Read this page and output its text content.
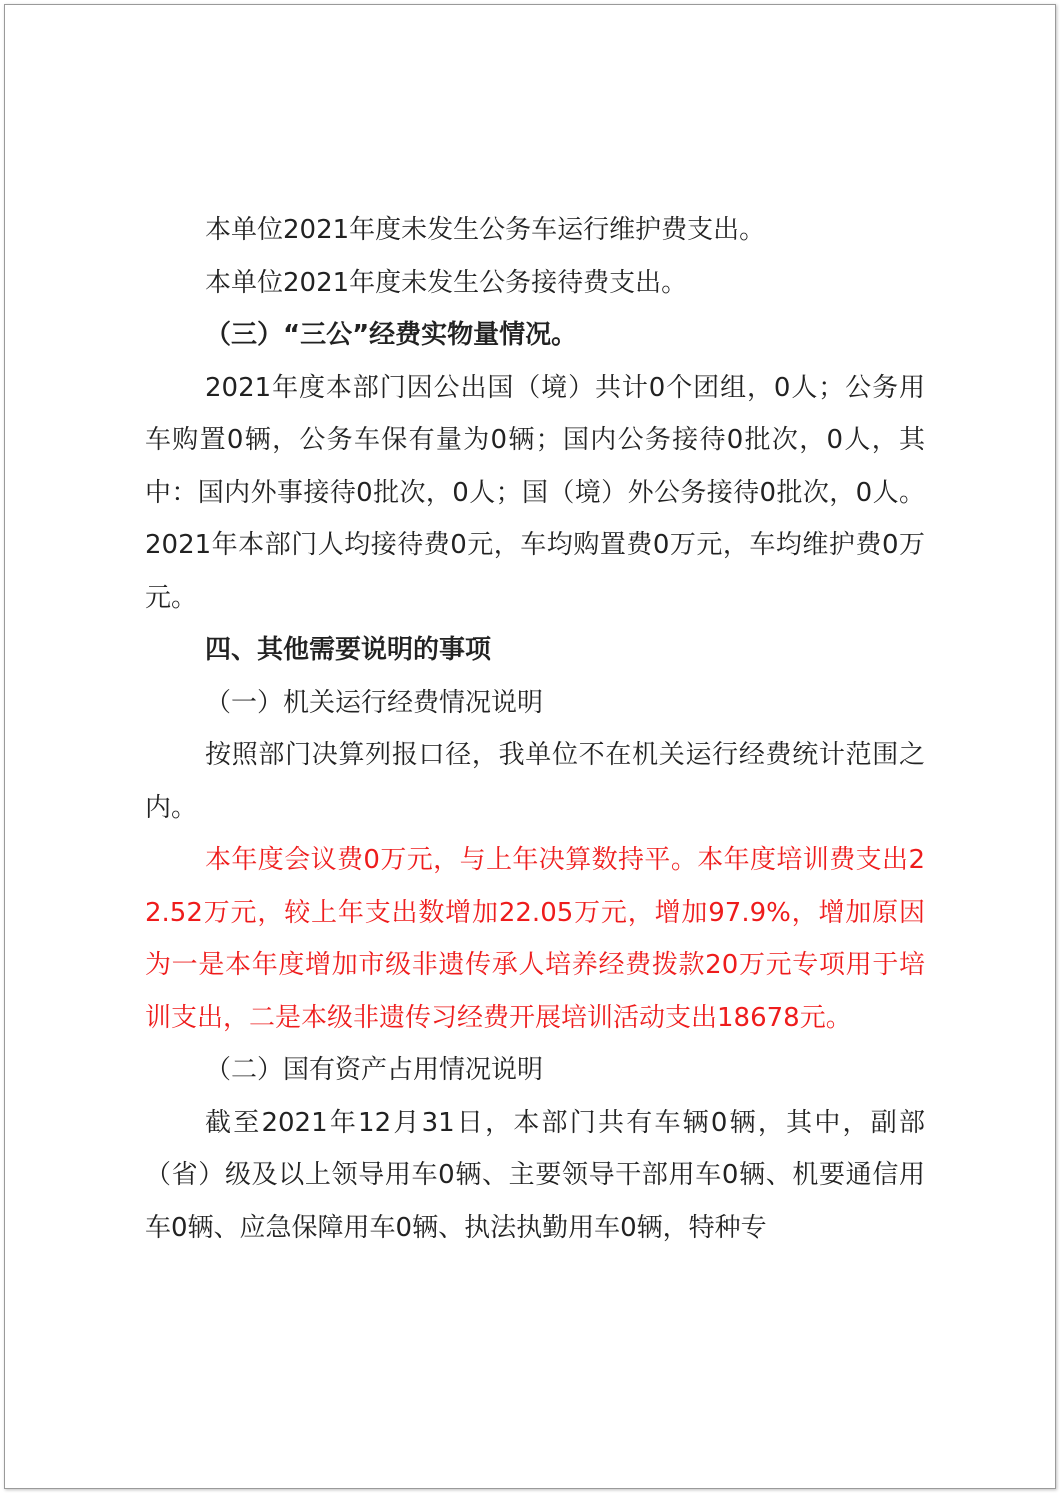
本单位2021年度未发生公务车运行维护费支出。

本单位2021年度未发生公务接待费支出。

（三）“三公”经费实物量情况。

2021年度本部门因公出国（境）共计0个团组，0人；公务用车购置0辆，公务车保有量为0辆；国内公务接待0批次，0人，其中：国内外事接待0批次，0人；国（境）外公务接待0批次，0人。2021年本部门人均接待费0元，车均购置费0万元，车均维护费0万元。

四、其他需要说明的事项

（一）机关运行经费情况说明

按照部门决算列报口径，我单位不在机关运行经费统计范围之内。

本年度会议费0万元，与上年决算数持平。本年度培训费支出22.52万元，较上年支出数增加22.05万元，增加97.9%，增加原因为一是本年度增加市级非遗传承人培养经费拨款20万元专项用于培训支出，二是本级非遗传习经费开展培训活动支出18678元。

（二）国有资产占用情况说明

截至2021年12月31日，本部门共有车辆0辆，其中，副部（省）级及以上领导用车0辆、主要领导干部用车0辆、机要通信用车0辆、应急保障用车0辆、执法执勤用车0辆，特种专
